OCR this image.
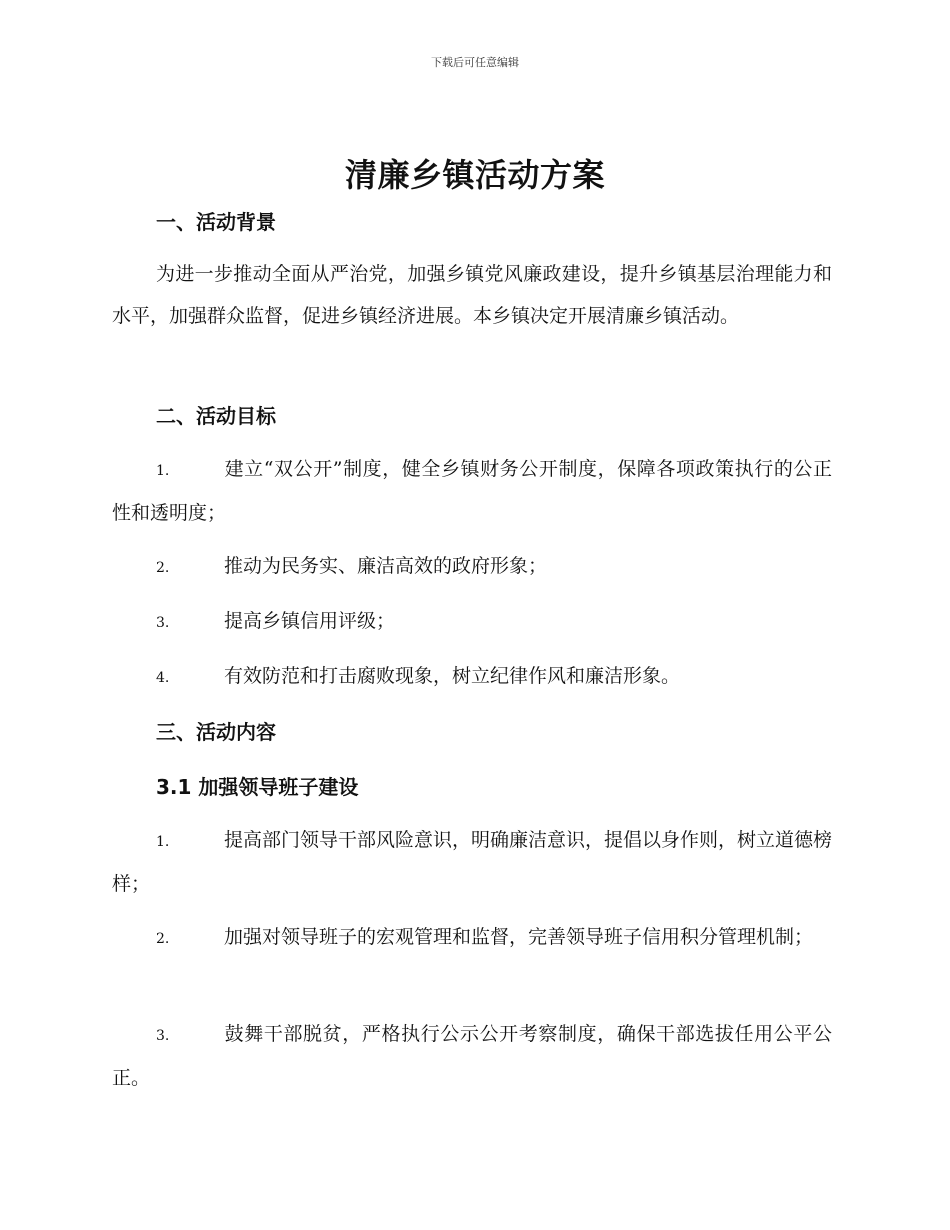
下载后可任意编辑
清廉乡镇活动方案
一、活动背景
为进一步推动全面从严治党，加强乡镇党风廉政建设，提升乡镇基层治理能力和水平，加强群众监督，促进乡镇经济进展。本乡镇决定开展清廉乡镇活动。
二、活动目标
1.	建立“双公开”制度，健全乡镇财务公开制度，保障各项政策执行的公正性和透明度；
2.	推动为民务实、廉洁高效的政府形象；
3.	提高乡镇信用评级；
4.	有效防范和打击腐败现象，树立纪律作风和廉洁形象。
三、活动内容
3.1 加强领导班子建设
1.	提高部门领导干部风险意识，明确廉洁意识，提倡以身作则，树立道德榜样；
2.	加强对领导班子的宏观管理和监督，完善领导班子信用积分管理机制；
3.	鼓舞干部脱贫，严格执行公示公开考察制度，确保干部选拔任用公平公正。
